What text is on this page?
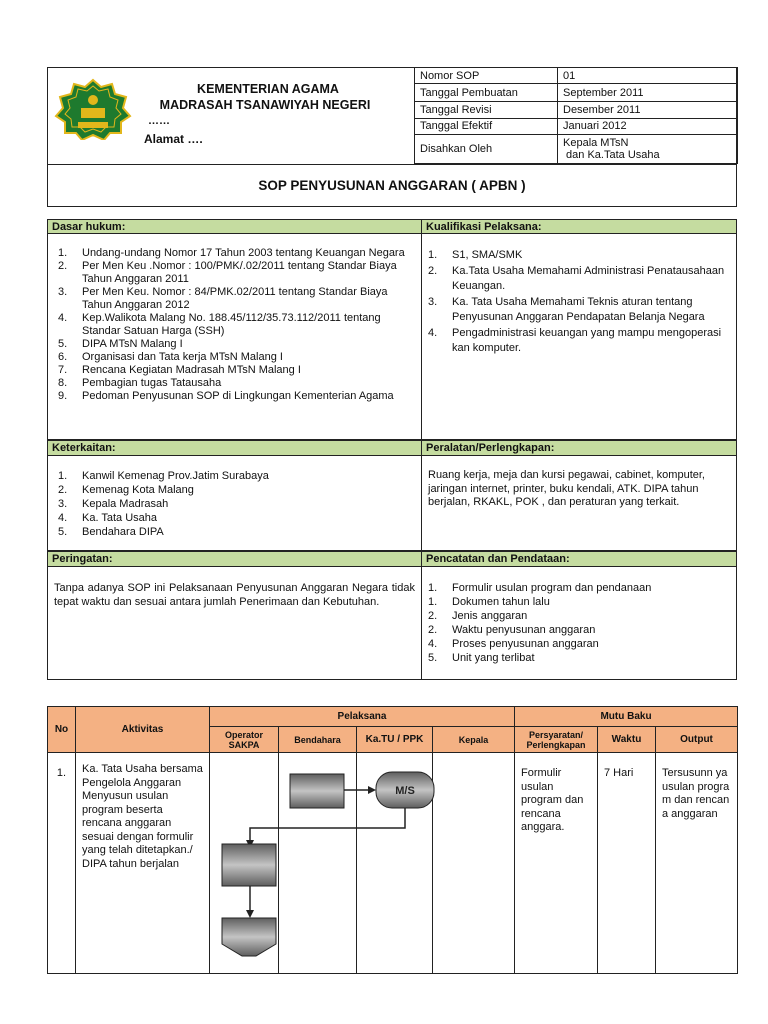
KEMENTERIAN AGAMA
MADRASAH TSANAWIYAH NEGERI
……
Alamat ….
Nomor SOP	01
Tanggal Pembuatan	September 2011
Tanggal Revisi	Desember 2011
Tanggal Efektif	Januari 2012
Disahkan Oleh	Kepala MTsN
dan Ka.Tata Usaha
SOP PENYUSUNAN ANGGARAN ( APBN )
Dasar hukum:
1.	Undang-undang Nomor 17 Tahun 2003 tentang Keuangan Negara
2.	Per Men Keu .Nomor : 100/PMK/.02/2011 tentang Standar Biaya Tahun Anggaran 2011
3.	Per Men Keu. Nomor : 84/PMK.02/2011 tentang Standar Biaya Tahun Anggaran 2012
4.	Kep.Walikota Malang No. 188.45/112/35.73.112/2011 tentang Standar Satuan Harga (SSH)
5.	DIPA MTsN Malang I
6.	Organisasi dan Tata kerja MTsN Malang I
7.	Rencana Kegiatan Madrasah MTsN Malang I
8.	Pembagian tugas Tatausaha
9.	Pedoman Penyusunan SOP di Lingkungan Kementerian Agama
Kualifikasi Pelaksana:
1.	S1, SMA/SMK
2.	Ka.Tata Usaha Memahami Administrasi Penatausahaan Keuangan.
3.	Ka. Tata Usaha Memahami Teknis aturan tentang Penyusunan Anggaran Pendapatan Belanja Negara
4.	Pengadministrasi keuangan yang mampu mengoperasi kan komputer.
Keterkaitan:
1.	Kanwil Kemenag Prov.Jatim Surabaya
2.	Kemenag Kota Malang
3.	Kepala Madrasah
4.	Ka. Tata Usaha
5.	Bendahara DIPA
Peralatan/Perlengkapan:
Ruang kerja, meja dan kursi pegawai, cabinet, komputer, jaringan internet, printer, buku kendali, ATK. DIPA tahun berjalan, RKAKL, POK , dan peraturan yang terkait.
Peringatan:
Tanpa adanya SOP ini Pelaksanaan Penyusunan Anggaran Negara tidak tepat waktu dan sesuai antara jumlah Penerimaan dan Kebutuhan.
Pencatatan dan Pendataan:
1.	Formulir usulan program dan pendanaan
1.	Dokumen tahun lalu
2.	Jenis anggaran
2.	Waktu penyusunan anggaran
4.	Proses penyusunan anggaran
5.	Unit yang terlibat
No	Aktivitas	Pelaksana				Mutu Baku		
		Operator SAKPA	Bendahara	Ka.TU / PPK	Kepala	Persyaratan/ Perlengkapan	Waktu	Output
1.	Ka. Tata Usaha bersama Pengelola Anggaran Menyusun usulan program beserta rencana anggaran sesuai dengan formulir yang telah ditetapkan./ DIPA tahun berjalan					Formulir usulan program dan rencana anggara.	7 Hari	Tersusunn ya usulan program dan rencana anggaran
M/S
